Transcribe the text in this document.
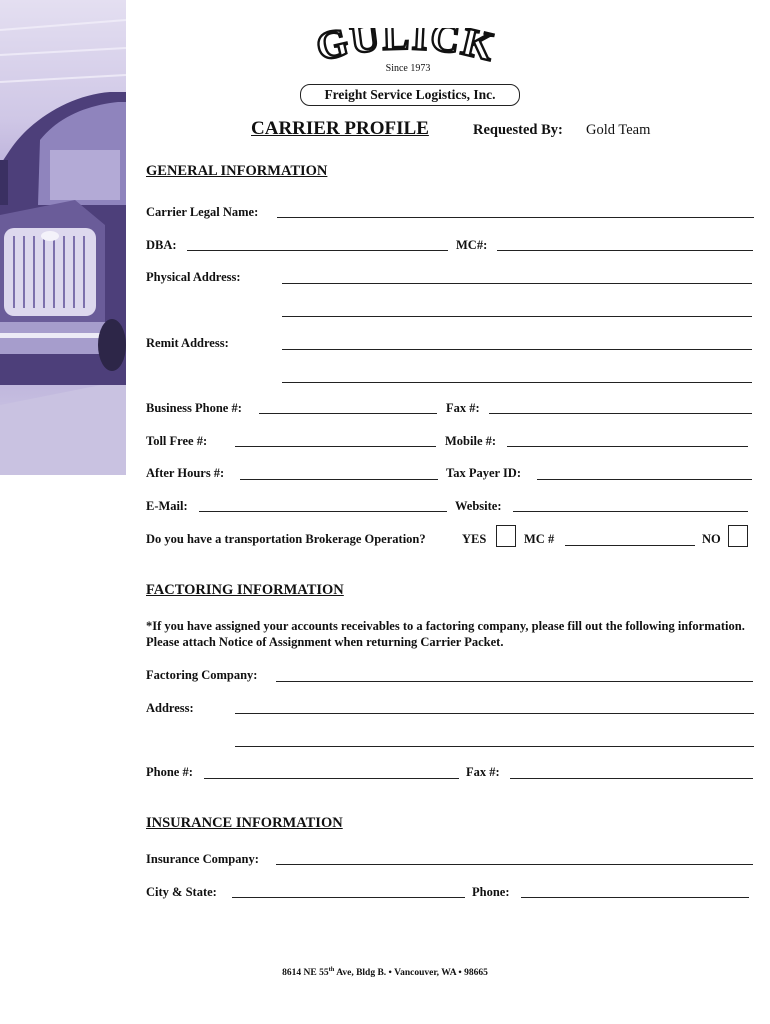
GULICK
Since 1973
Freight Service Logistics, Inc.
CARRIER PROFILE	Requested By: Gold Team
GENERAL INFORMATION
Carrier Legal Name:
DBA:	MC#:
Physical Address:
Remit Address:
Business Phone #:	Fax #:
Toll Free #:	Mobile #:
After Hours #:	Tax Payer ID:
E-Mail:	Website:
Do you have a transportation Brokerage Operation?	YES	MC #	NO
FACTORING INFORMATION
*If you have assigned your accounts receivables to a factoring company, please fill out the following information. Please attach Notice of Assignment when returning Carrier Packet.
Factoring Company:
Address:
Phone #:	Fax #:
INSURANCE INFORMATION
Insurance Company:
City & State:	Phone:
8614 NE 55th Ave, Bldg B. • Vancouver, WA • 98665
